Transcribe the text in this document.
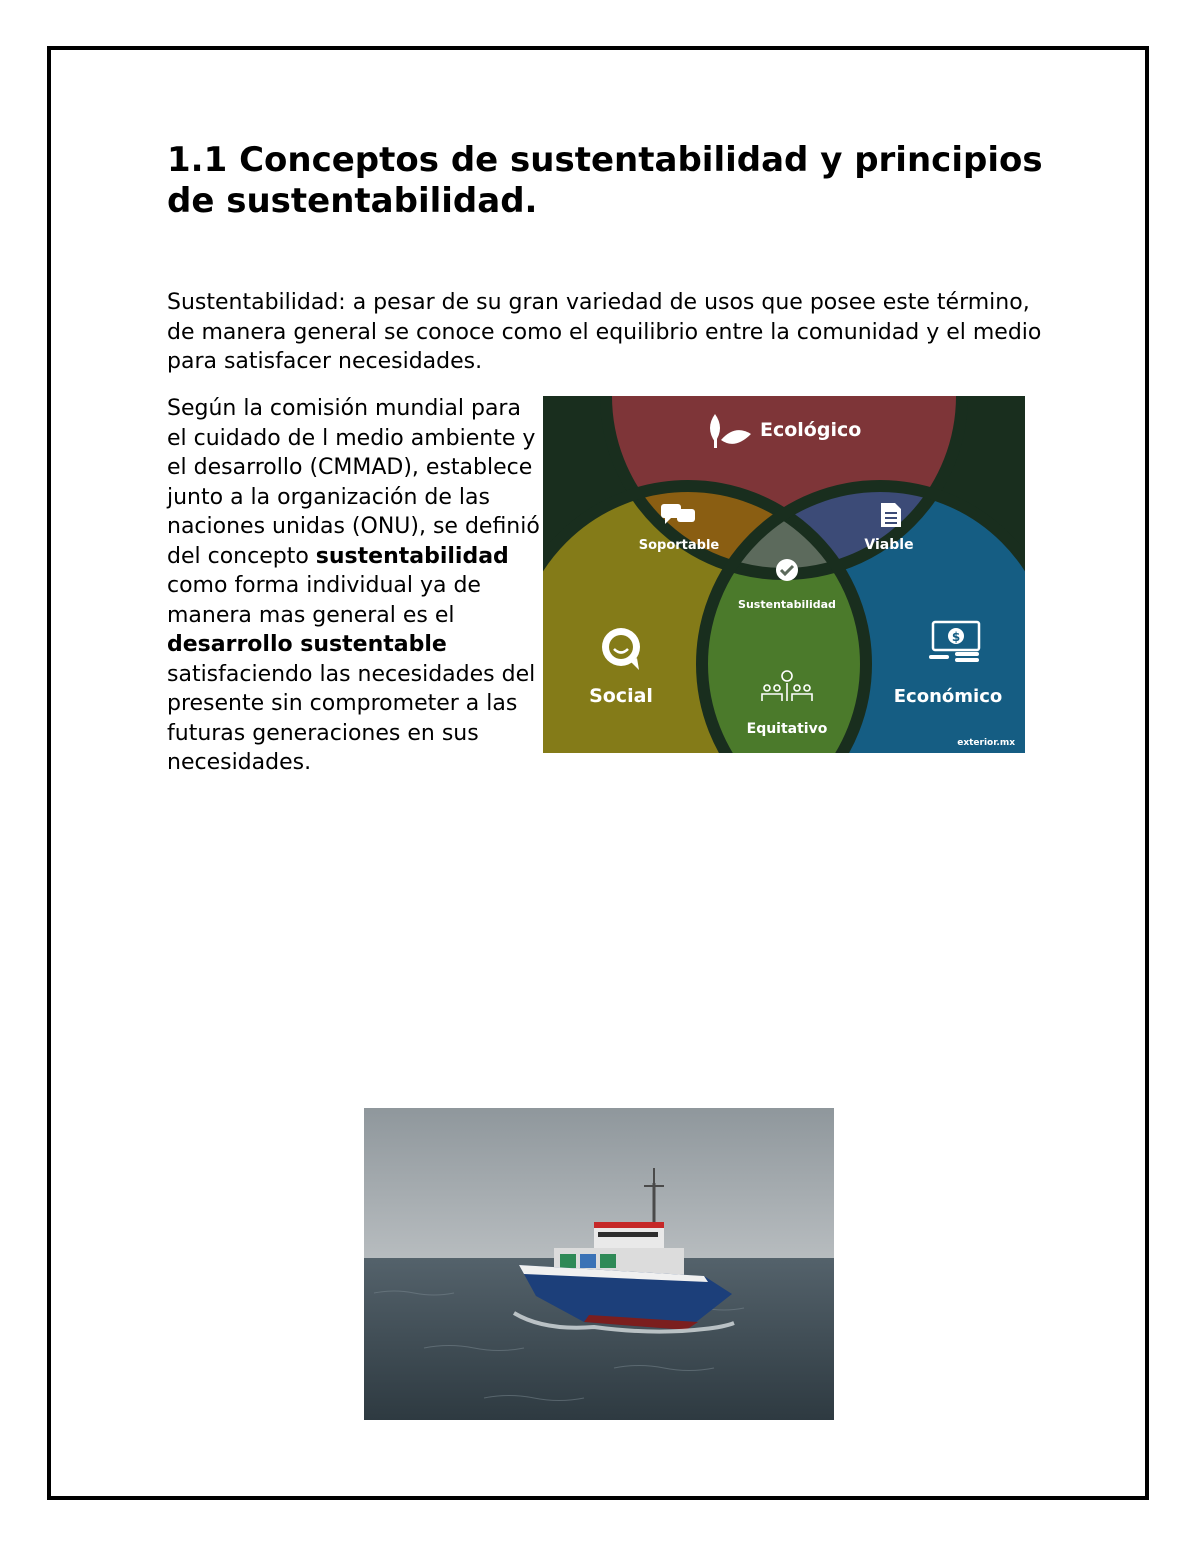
1.1 Conceptos de sustentabilidad y principios de sustentabilidad.

Sustentabilidad: a pesar de su gran variedad de usos que posee este término, de manera general se conoce como el equilibrio entre la comunidad y el medio para satisfacer necesidades.

Según la comisión mundial para el cuidado de l medio ambiente y el desarrollo (CMMAD), establece junto a la organización de las naciones unidas (ONU), se definió del concepto sustentabilidad como forma individual ya de manera mas general es el desarrollo sustentable satisfaciendo las necesidades del presente sin comprometer a las futuras generaciones en sus necesidades.

Ecológico
Soportable	Viable
Sustentabilidad
Social
Equitativo
$
Económico
exterior.mx
